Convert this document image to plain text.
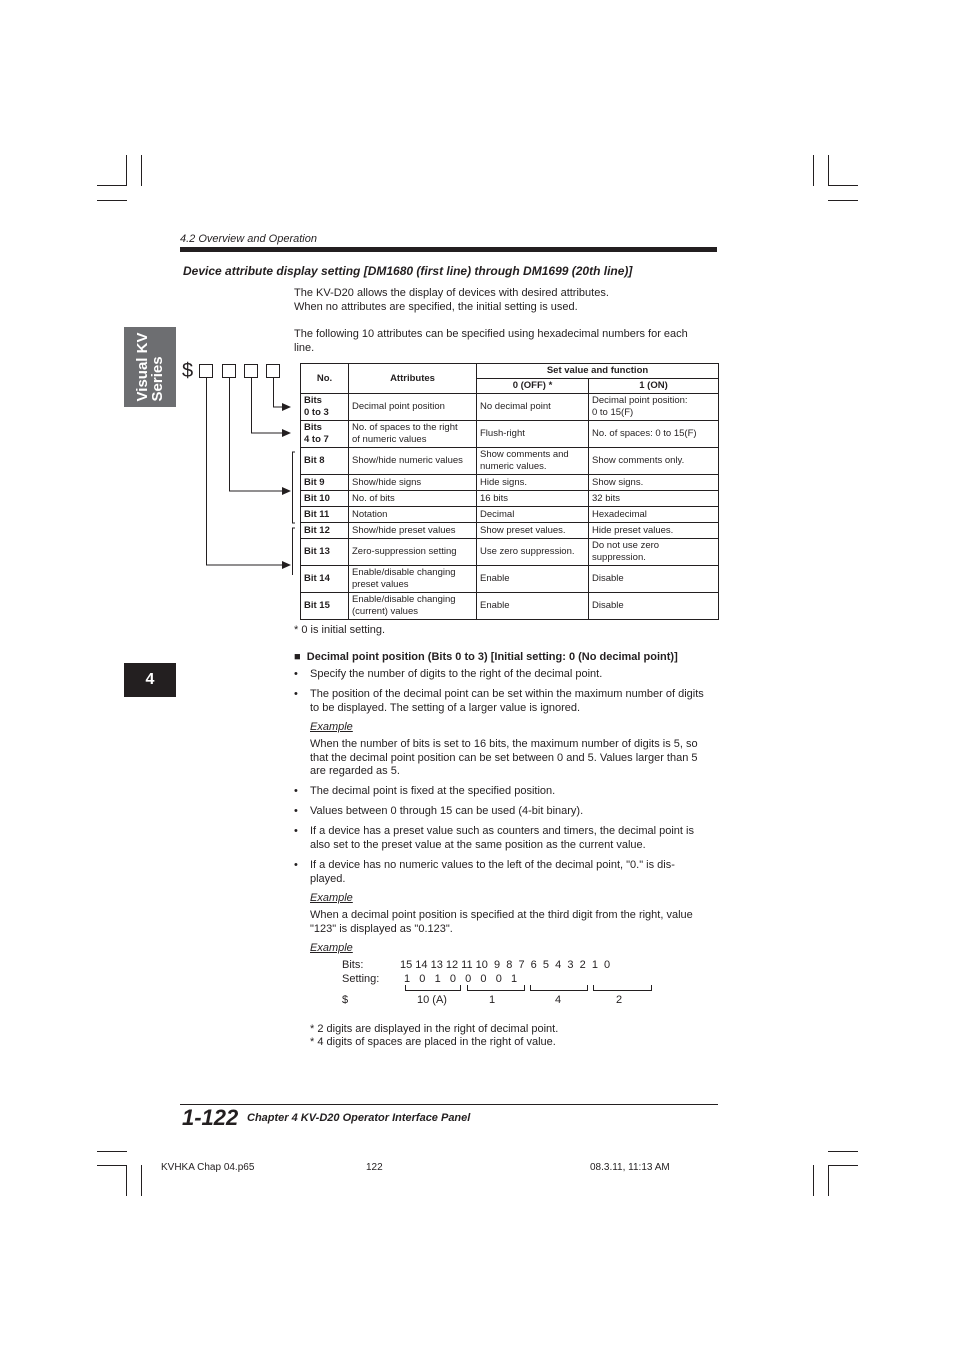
4.2 Overview and Operation
Device attribute display setting [DM1680 (first line) through DM1699 (20th line)]
The KV-D20 allows the display of devices with desired attributes.
When no attributes are specified, the initial setting is used.
The following 10 attributes can be specified using hexadecimal numbers for each
line.
Visual KV
Series
4
$	No.	Attributes	Set value and function	
		0 (OFF) *	1 (ON)
Bits
0 to 3	Decimal point position	No decimal point	Decimal point position:
0 to 15(F)
Bits
4 to 7	No. of spaces to the right
of numeric values	Flush-right	No. of spaces: 0 to 15(F)
Bit 8	Show/hide numeric values	Show comments and
numeric values.	Show comments only.
Bit 9	Show/hide signs	Hide signs.	Show signs.
Bit 10	No. of bits	16 bits	32 bits
Bit 11	Notation	Decimal	Hexadecimal
Bit 12	Show/hide preset values	Show preset values.	Hide preset values.
Bit 13	Zero-suppression setting	Use zero suppression.	Do not use zero
suppression.
Bit 14	Enable/disable changing
preset values	Enable	Disable
Bit 15	Enable/disable changing
(current) values	Enable	Disable
* 0 is initial setting.
■ Decimal point position (Bits 0 to 3) [Initial setting: 0 (No decimal point)]
• Specify the number of digits to the right of the decimal point.
• The position of the decimal point can be set within the maximum number of digits
to be displayed. The setting of a larger value is ignored.
Example
When the number of bits is set to 16 bits, the maximum number of digits is 5, so
that the decimal point position can be set between 0 and 5. Values larger than 5
are regarded as 5.
• The decimal point is fixed at the specified position.
• Values between 0 through 15 can be used (4-bit binary).
• If a device has a preset value such as counters and timers, the decimal point is
also set to the preset value at the same position as the current value.
• If a device has no numeric values to the left of the decimal point, "0." is dis-
played.
Example
When a decimal point position is specified at the third digit from the right, value
"123" is displayed as "0.123".
Example
Bits:	15 14 13 12 11 10  9  8  7  6  5  4  3  2  1  0
Setting: 1   0   1   0   0   0   0   1
$	10 (A)	1	4	2
* 2 digits are displayed in the right of decimal point.
* 4 digits of spaces are placed in the right of value.
1-122 Chapter 4 KV-D20 Operator Interface Panel
KVHKA Chap 04.p65	122	08.3.11, 11:13 AM
